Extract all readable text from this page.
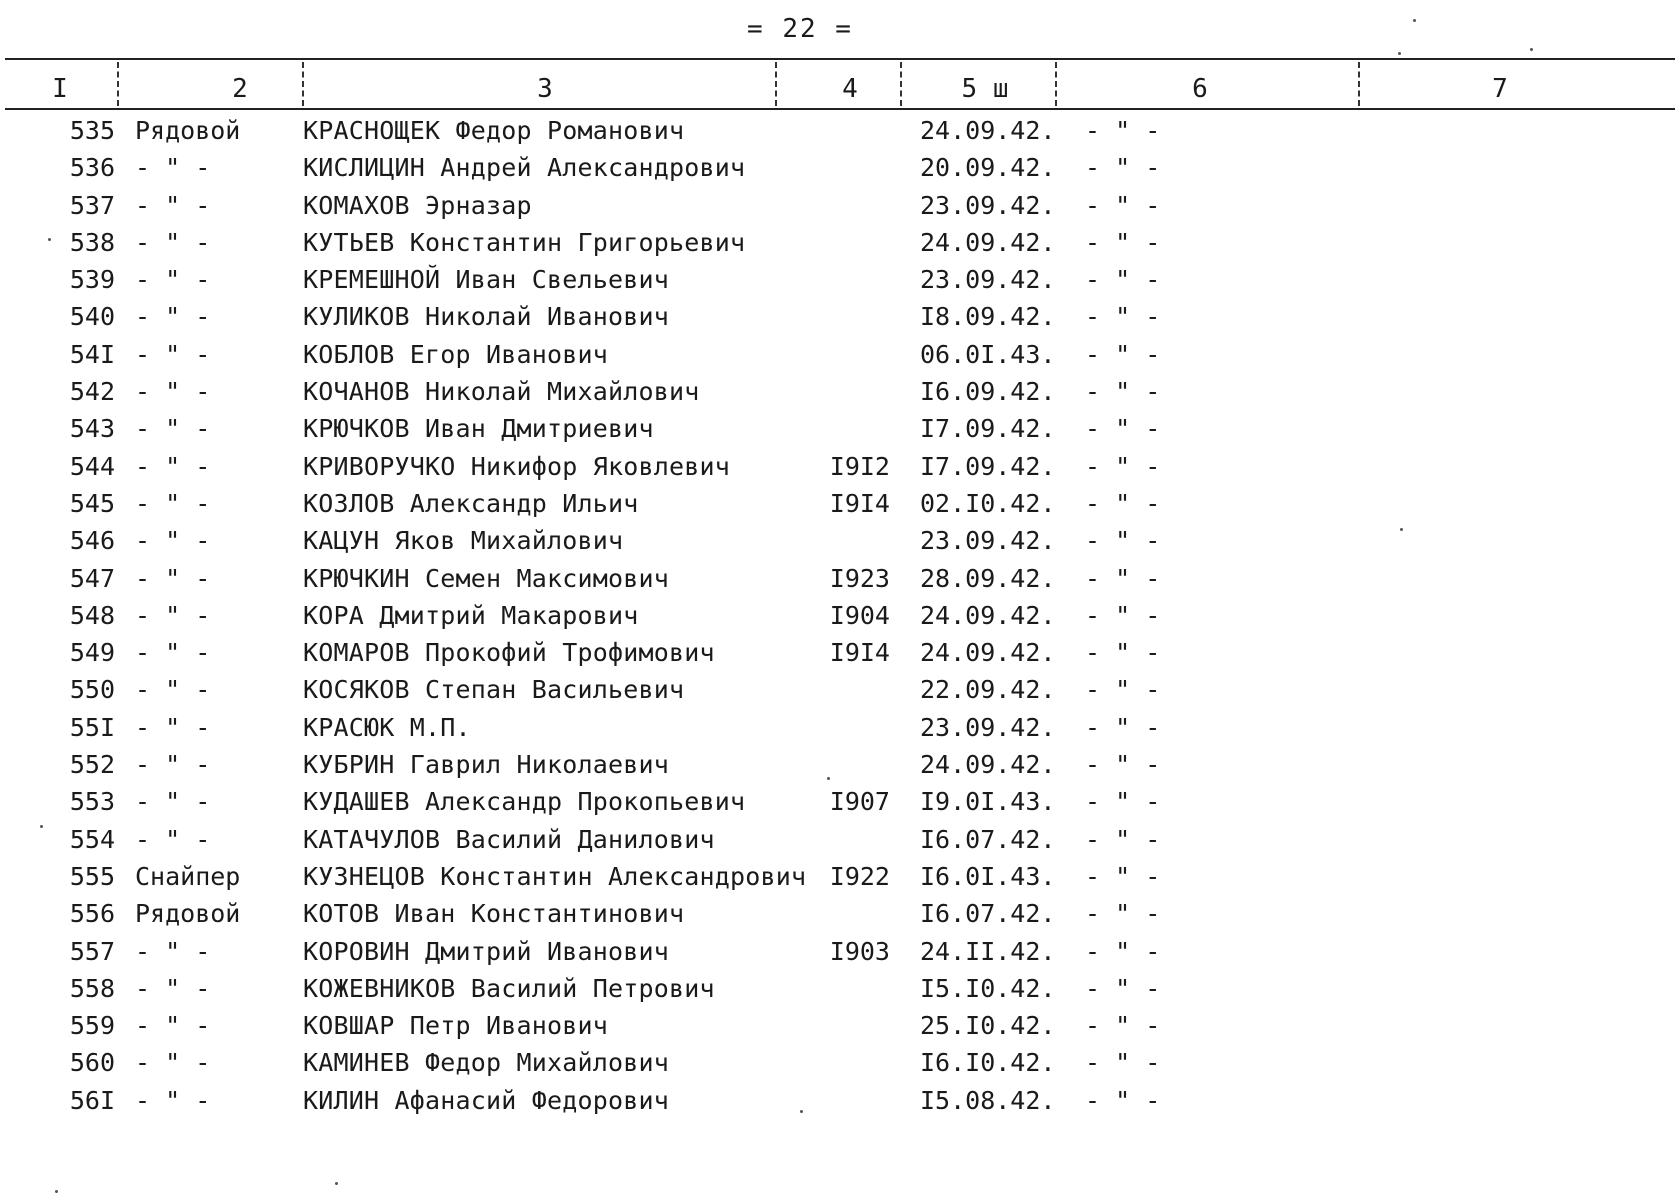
= 22 =
I	2	3	4	5 ш	6	7
535 Рядовой	КРАСНОЩЕК Федор Романович	24.09.42. - " -
536 - " -	КИСЛИЦИН Андрей Александрович	20.09.42. - " -
537 - " -	КОМАХОВ Эрназар	23.09.42. - " -
538 - " -	КУТЬЕВ Константин Григорьевич	24.09.42. - " -
539 - " -	КРЕМЕШНОЙ Иван Свельевич	23.09.42. - " -
540 - " -	КУЛИКОВ Николай Иванович	I8.09.42. - " -
54I - " -	КОБЛОВ Егор Иванович	06.0I.43. - " -
542 - " -	КОЧАНОВ Николай Михайлович	I6.09.42. - " -
543 - " -	КРЮЧКОВ Иван Дмитриевич	I7.09.42. - " -
544 - " -	КРИВОРУЧКО Никифор Яковлевич	I9I2 I7.09.42. - " -
545 - " -	КОЗЛОВ Александр Ильич	I9I4 02.I0.42. - " -
546 - " -	КАЦУН Яков Михайлович	23.09.42. - " -
547 - " -	КРЮЧКИН Семен Максимович	I923 28.09.42. - " -
548 - " -	КОРА Дмитрий Макарович	I904 24.09.42. - " -
549 - " -	КОМАРОВ Прокофий Трофимович	I9I4 24.09.42. - " -
550 - " -	КОСЯКОВ Степан Васильевич	22.09.42. - " -
55I - " -	КРАСЮК М.П.	23.09.42. - " -
552 - " -	КУБРИН Гаврил Николаевич	24.09.42. - " -
553 - " -	КУДАШЕВ Александр Прокопьевич	I907 I9.0I.43. - " -
554 - " -	КАТАЧУЛОВ Василий Данилович	I6.07.42. - " -
555 Снайпер	КУЗНЕЦОВ Константин Александрович I922 I6.0I.43. - " -
556 Рядовой	КОТОВ Иван Константинович	I6.07.42. - " -
557 - " -	КОРОВИН Дмитрий Иванович	I903 24.II.42. - " -
558 - " -	КОЖЕВНИКОВ Василий Петрович	I5.I0.42. - " -
559 - " -	КОВШАР Петр Иванович	25.I0.42. - " -
560 - " -	КАМИНЕВ Федор Михайлович	I6.I0.42. - " -
56I - " -	КИЛИН Афанасий Федорович	I5.08.42. - " -
